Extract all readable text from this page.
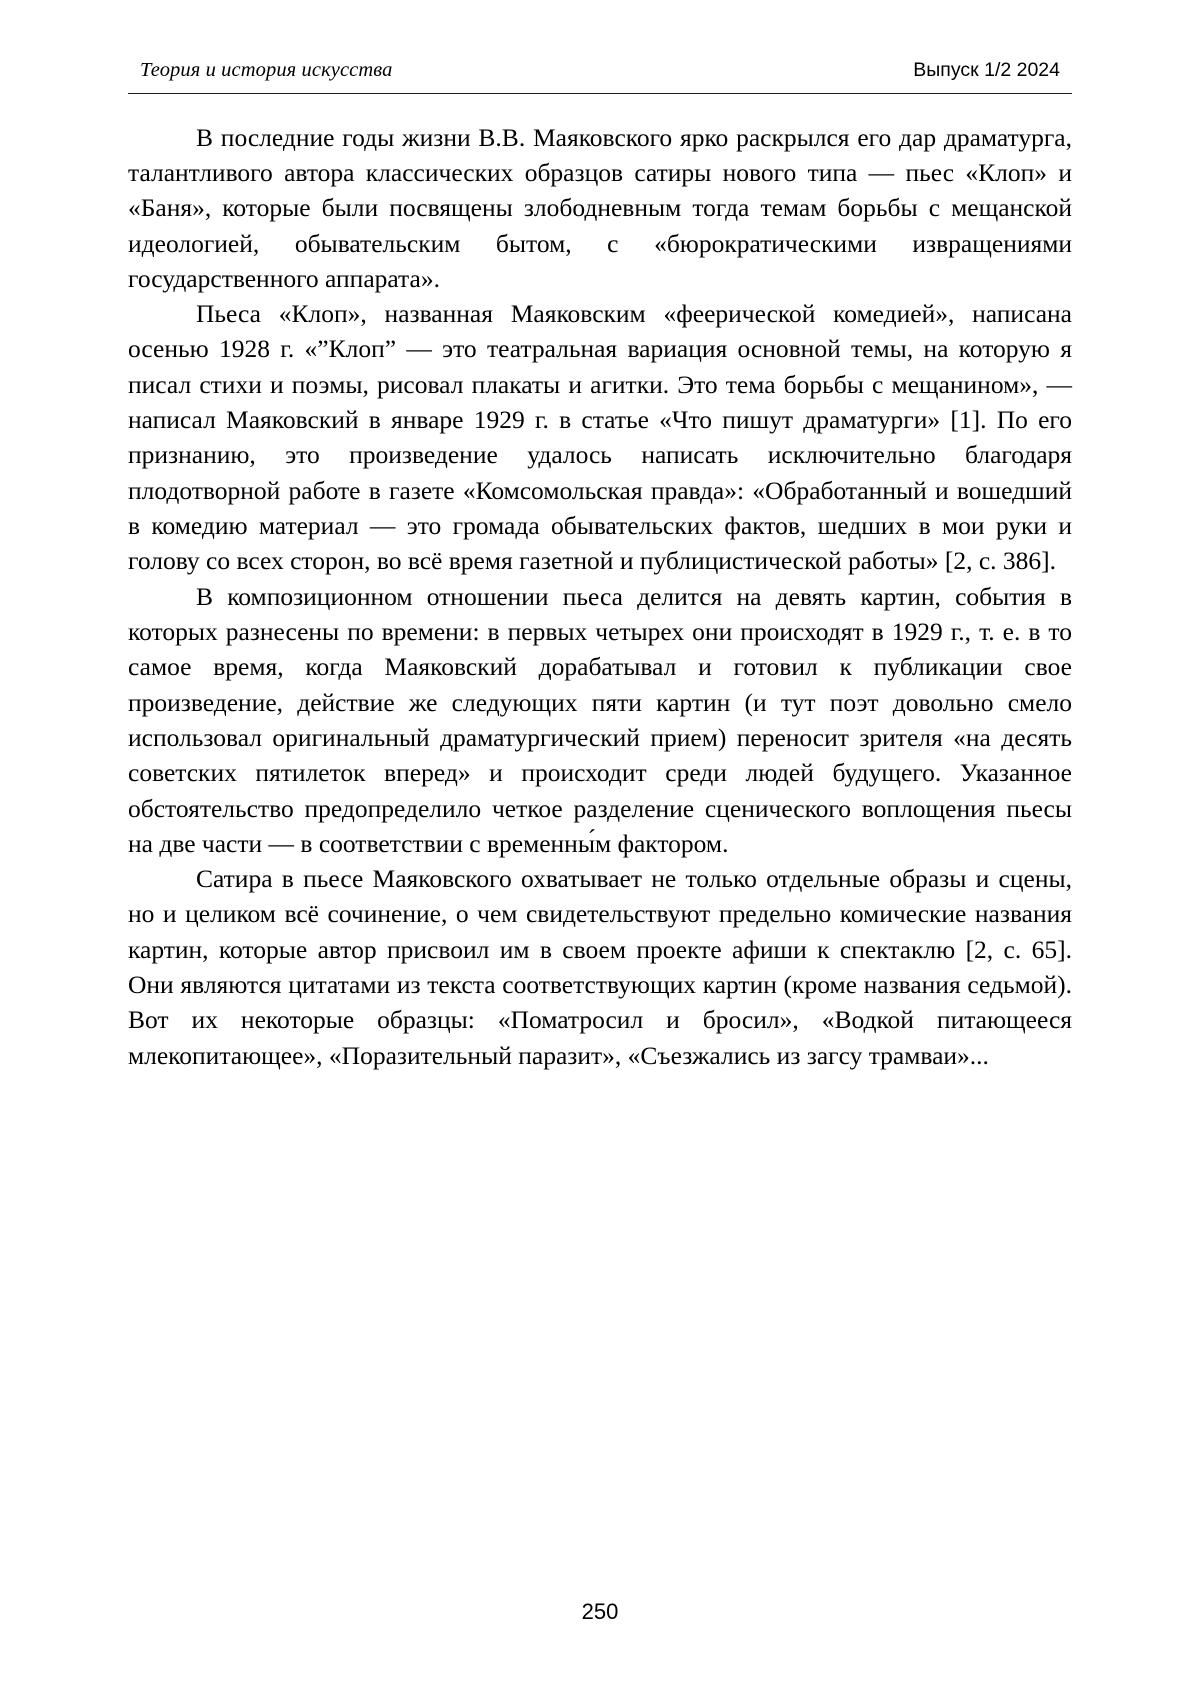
Теория и история искусства	Выпуск 1/2 2024

В последние годы жизни В.В. Маяковского ярко раскрылся его дар драматурга, талантливого автора классических образцов сатиры нового типа — пьес «Клоп» и «Баня», которые были посвящены злободневным тогда темам борьбы с мещанской идеологией, обывательским бытом, с «бюрократическими извращениями государственного аппарата».

Пьеса «Клоп», названная Маяковским «феерической комедией», написана осенью 1928 г. «”Клоп” — это театральная вариация основной темы, на которую я писал стихи и поэмы, рисовал плакаты и агитки. Это тема борьбы с мещанином», — написал Маяковский в январе 1929 г. в статье «Что пишут драматурги» [1]. По его признанию, это произведение удалось написать исключительно благодаря плодотворной работе в газете «Комсомольская правда»: «Обработанный и вошедший в комедию материал — это громада обывательских фактов, шедших в мои руки и голову со всех сторон, во всё время газетной и публицистической работы» [2, с. 386].

В композиционном отношении пьеса делится на девять картин, события в которых разнесены по времени: в первых четырех они происходят в 1929 г., т. е. в то самое время, когда Маяковский дорабатывал и готовил к публикации свое произведение, действие же следующих пяти картин (и тут поэт довольно смело использовал оригинальный драматургический прием) переносит зрителя «на десять советских пятилеток вперед» и происходит среди людей будущего. Указанное обстоятельство предопределило четкое разделение сценического воплощения пьесы на две части — в соответствии с временны́м фактором.

Сатира в пьесе Маяковского охватывает не только отдельные образы и сцены, но и целиком всё сочинение, о чем свидетельствуют предельно комические названия картин, которые автор присвоил им в своем проекте афиши к спектаклю [2, с. 65]. Они являются цитатами из текста соответствующих картин (кроме названия седьмой). Вот их некоторые образцы: «Поматросил и бросил», «Водкой питающееся млекопитающее», «Поразительный паразит», «Съезжались из загсу трамваи»...

250
